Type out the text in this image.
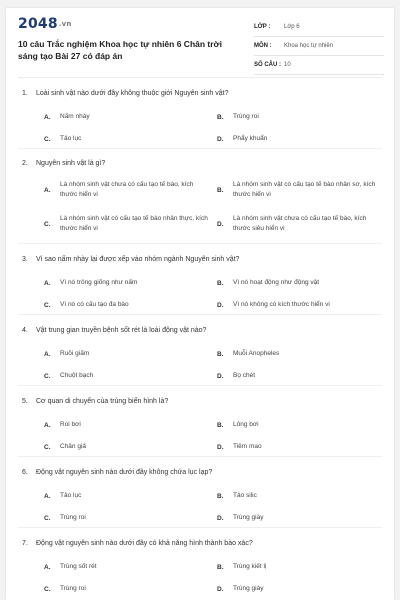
$2048^{.vn}$
10 câu Trắc nghiệm Khoa học tự nhiên 6 Chân trời sáng tạo Bài 27 có đáp án
LỚP :	Lớp 6
MÔN :	Khoa học tự nhiên
SỐ CÂU : 10
1. Loài sinh vật nào dưới đây không thuộc giới Nguyên sinh vật?
A.	Nấm nhày	B.	Trùng roi
C.	Tảo lục	D.	Phẩy khuẩn
2. Nguyên sinh vật là gì?
A.
Là nhóm sinh vật chưa có cấu tạo tế bào, kích thước hiển vi
B.
Là nhóm sinh vật có cấu tạo tế bào nhân sơ, kích thước hiển vi
C.
Là nhóm sinh vật có cấu tạo tế bào nhân thực, kích thước hiển vi
D.
Là nhóm sinh vật chưa có cấu tạo tế bào, kích thước siêu hiển vi
3. Vì sao nấm nhày lại được xếp vào nhóm ngành Nguyên sinh vật?
A.	Vì nó trông giống như nấm	B.	Vì nó hoạt động như động vật
C.	Vì nó có cấu tạo đa bào	D.	Vì nó không có kích thước hiển vi
4. Vật trung gian truyền bệnh sốt rét là loài động vật nào?
A.	Ruồi giấm	B.	Muỗi Anopheles
C.	Chuột bạch	D.	Bọ chét
5. Cơ quan di chuyển của trùng biến hình là?
A.	Roi bơi	B.	Lông bơi
C.	Chân giả	D.	Tiêm mao
6. Động vật nguyên sinh nào dưới đây không chứa lục lạp?
A.	Tảo lục	B.	Tảo silic
C.	Trùng roi	D.	Trùng giày
7. Động vật nguyên sinh nào dưới đây có khả năng hình thành bào xác?
A.	Trùng sốt rét	B.	Trùng kiết lị
C.	Trùng roi	D.	Trùng giày
